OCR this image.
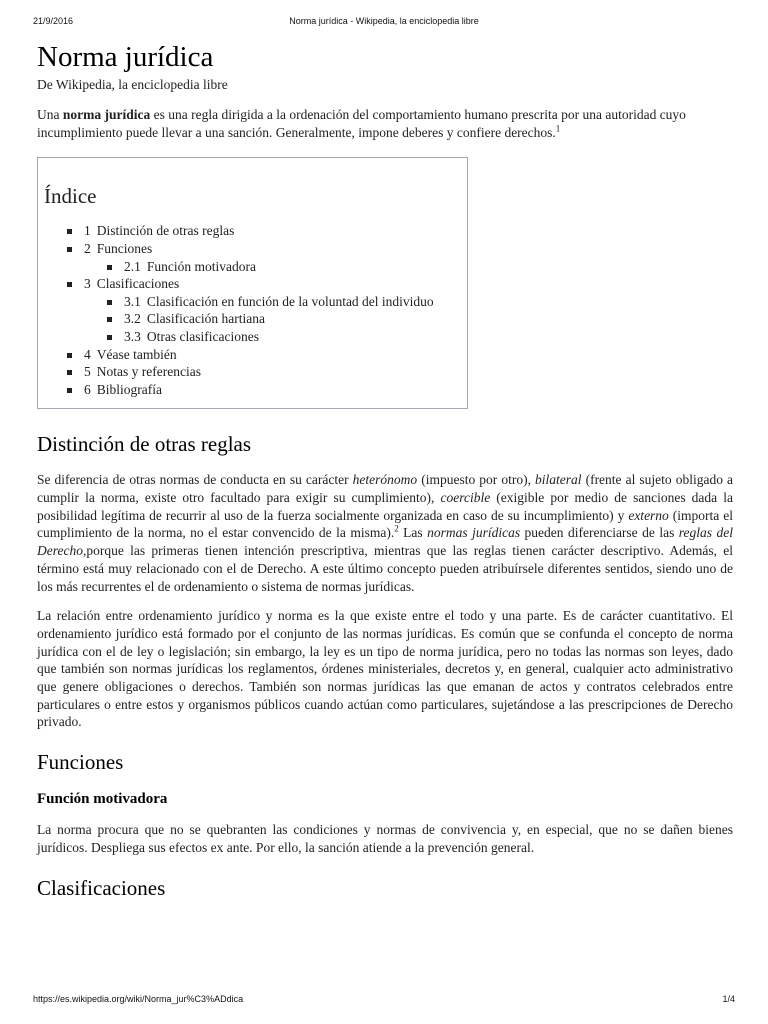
21/9/2016	Norma jurídica - Wikipedia, la enciclopedia libre
Norma jurídica
De Wikipedia, la enciclopedia libre

Una norma jurídica es una regla dirigida a la ordenación del comportamiento humano prescrita por una autoridad cuyo incumplimiento puede llevar a una sanción. Generalmente, impone deberes y confiere derechos.$^1$

Índice
1 Distinción de otras reglas
2 Funciones
2.1 Función motivadora
3 Clasificaciones
3.1 Clasificación en función de la voluntad del individuo
3.2 Clasificación hartiana
3.3 Otras clasificaciones
4 Véase también
5 Notas y referencias
6 Bibliografía
Distinción de otras reglas

Se diferencia de otras normas de conducta en su carácter heterónomo (impuesto por otro), bilateral (frente al sujeto obligado a cumplir la norma, existe otro facultado para exigir su cumplimiento), coercible (exigible por medio de sanciones dada la posibilidad legítima de recurrir al uso de la fuerza socialmente organizada en caso de su incumplimiento) y externo (importa el cumplimiento de la norma, no el estar convencido de la misma).$^2$ Las normas jurídicas pueden diferenciarse de las reglas del Derecho,porque las primeras tienen intención prescriptiva, mientras que las reglas tienen carácter descriptivo. Además, el término está muy relacionado con el de Derecho. A este último concepto pueden atribuírsele diferentes sentidos, siendo uno de los más recurrentes el de ordenamiento o sistema de normas jurídicas.

La relación entre ordenamiento jurídico y norma es la que existe entre el todo y una parte. Es de carácter cuantitativo. El ordenamiento jurídico está formado por el conjunto de las normas jurídicas. Es común que se confunda el concepto de norma jurídica con el de ley o legislación; sin embargo, la ley es un tipo de norma jurídica, pero no todas las normas son leyes, dado que también son normas jurídicas los reglamentos, órdenes ministeriales, decretos y, en general, cualquier acto administrativo que genere obligaciones o derechos. También son normas jurídicas las que emanan de actos y contratos celebrados entre particulares o entre estos y organismos públicos cuando actúan como particulares, sujetándose a las prescripciones de Derecho privado.

Funciones
Función motivadora

La norma procura que no se quebranten las condiciones y normas de convivencia y, en especial, que no se dañen bienes jurídicos. Despliega sus efectos ex ante. Por ello, la sanción atiende a la prevención general.

Clasificaciones
https://es.wikipedia.org/wiki/Norma_jur%C3%ADdica	1/4
